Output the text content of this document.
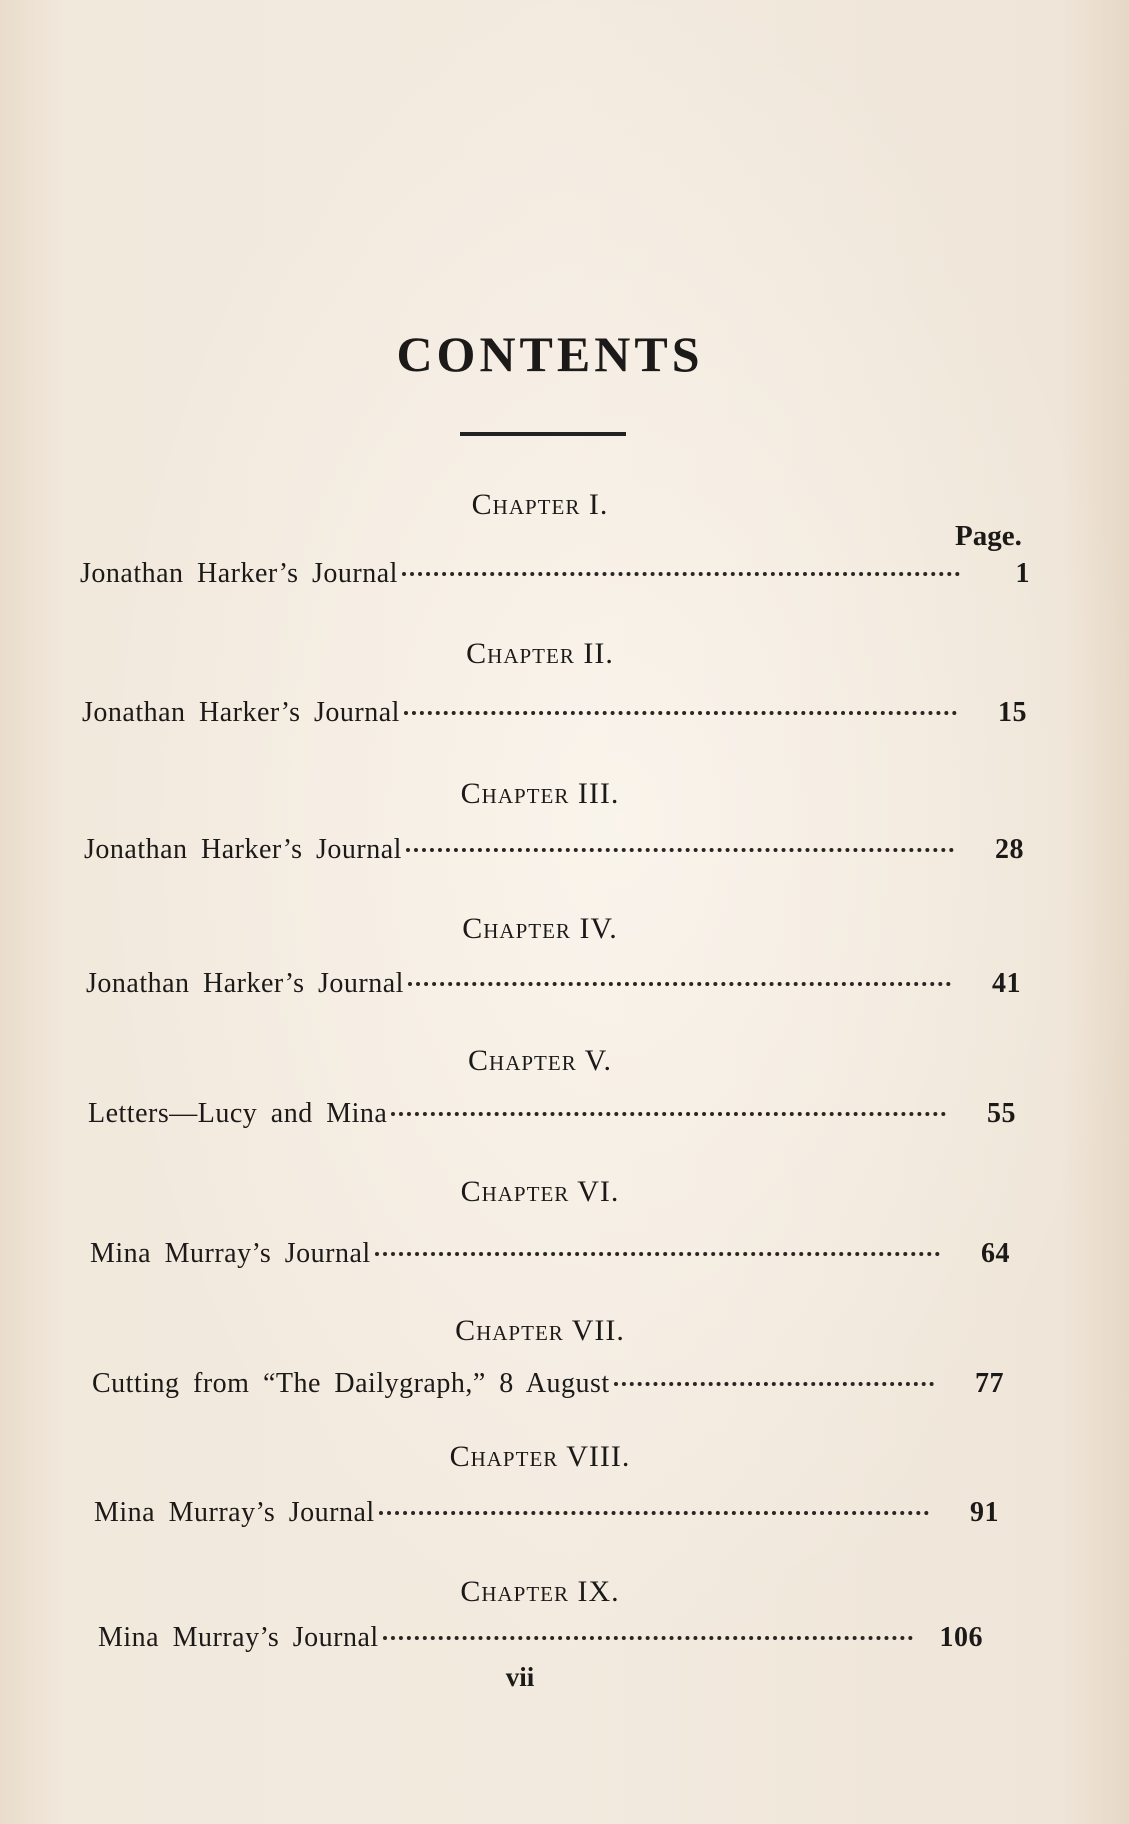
CONTENTS
Page.
Chapter I.
Jonathan Harker’s Journal	1
Chapter II.
Jonathan Harker’s Journal	15
Chapter III.
Jonathan Harker’s Journal	28
Chapter IV.
Jonathan Harker’s Journal	41
Chapter V.
Letters—Lucy and Mina	55
Chapter VI.
Mina Murray’s Journal	64
Chapter VII.
Cutting from “The Dailygraph,” 8 August	77
Chapter VIII.
Mina Murray’s Journal	91
Chapter IX.
Mina Murray’s Journal	106
vii
